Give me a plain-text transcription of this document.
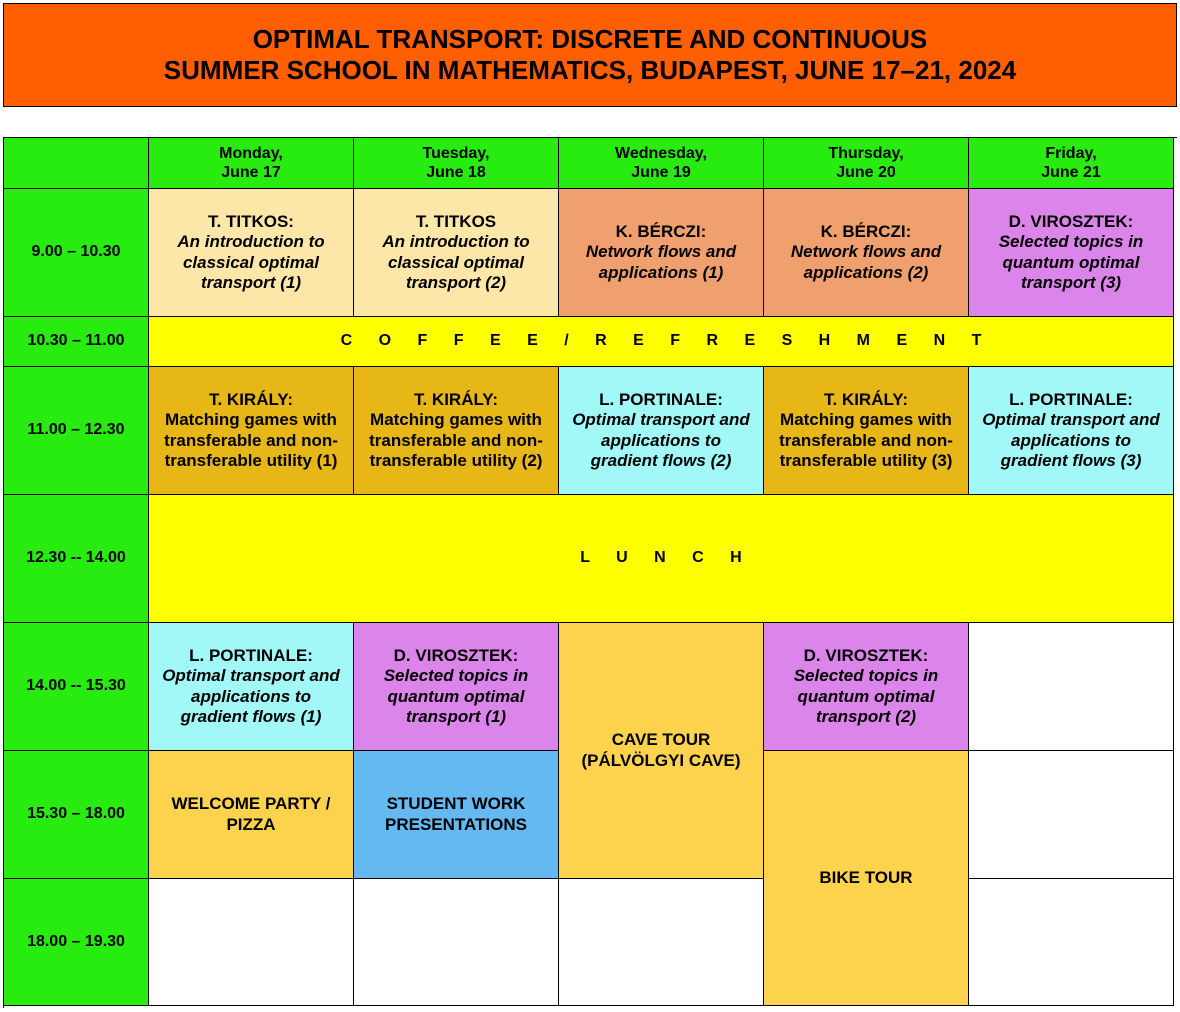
OPTIMAL TRANSPORT: DISCRETE AND CONTINUOUS
SUMMER SCHOOL IN MATHEMATICS, BUDAPEST, JUNE 17–21, 2024
Monday,
June 17
Tuesday,
June 18
Wednesday,
June 19
Thursday,
June 20
Friday,
June 21
9.00 – 10.30
10.30 – 11.00
11.00 – 12.30
12.30 -- 14.00
14.00 -- 15.30
15.30 – 18.00
18.00 – 19.30
T. TITKOS:
An introduction to
classical optimal
transport (1)
T. TITKOS
An introduction to
classical optimal
transport (2)
K. BÉRCZI:
Network flows and
applications (1)
K. BÉRCZI:
Network flows and
applications (2)
D. VIROSZTEK:
Selected topics in
quantum optimal
transport (3)
C O F F E E / R E F R E S H M E N T
T. KIRÁLY:
Matching games with
transferable and non-
transferable utility (1)
T. KIRÁLY:
Matching games with
transferable and non-
transferable utility (2)
L. PORTINALE:
Optimal transport and
applications to
gradient flows (2)
T. KIRÁLY:
Matching games with
transferable and non-
transferable utility (3)
L. PORTINALE:
Optimal transport and
applications to
gradient flows (3)
L U N C H
L. PORTINALE:
Optimal transport and
applications to
gradient flows (1)
D. VIROSZTEK:
Selected topics in
quantum optimal
transport (1)
CAVE TOUR
(PÁLVÖLGYI CAVE)
D. VIROSZTEK:
Selected topics in
quantum optimal
transport (2)
WELCOME PARTY /
PIZZA
STUDENT WORK
PRESENTATIONS
BIKE TOUR
